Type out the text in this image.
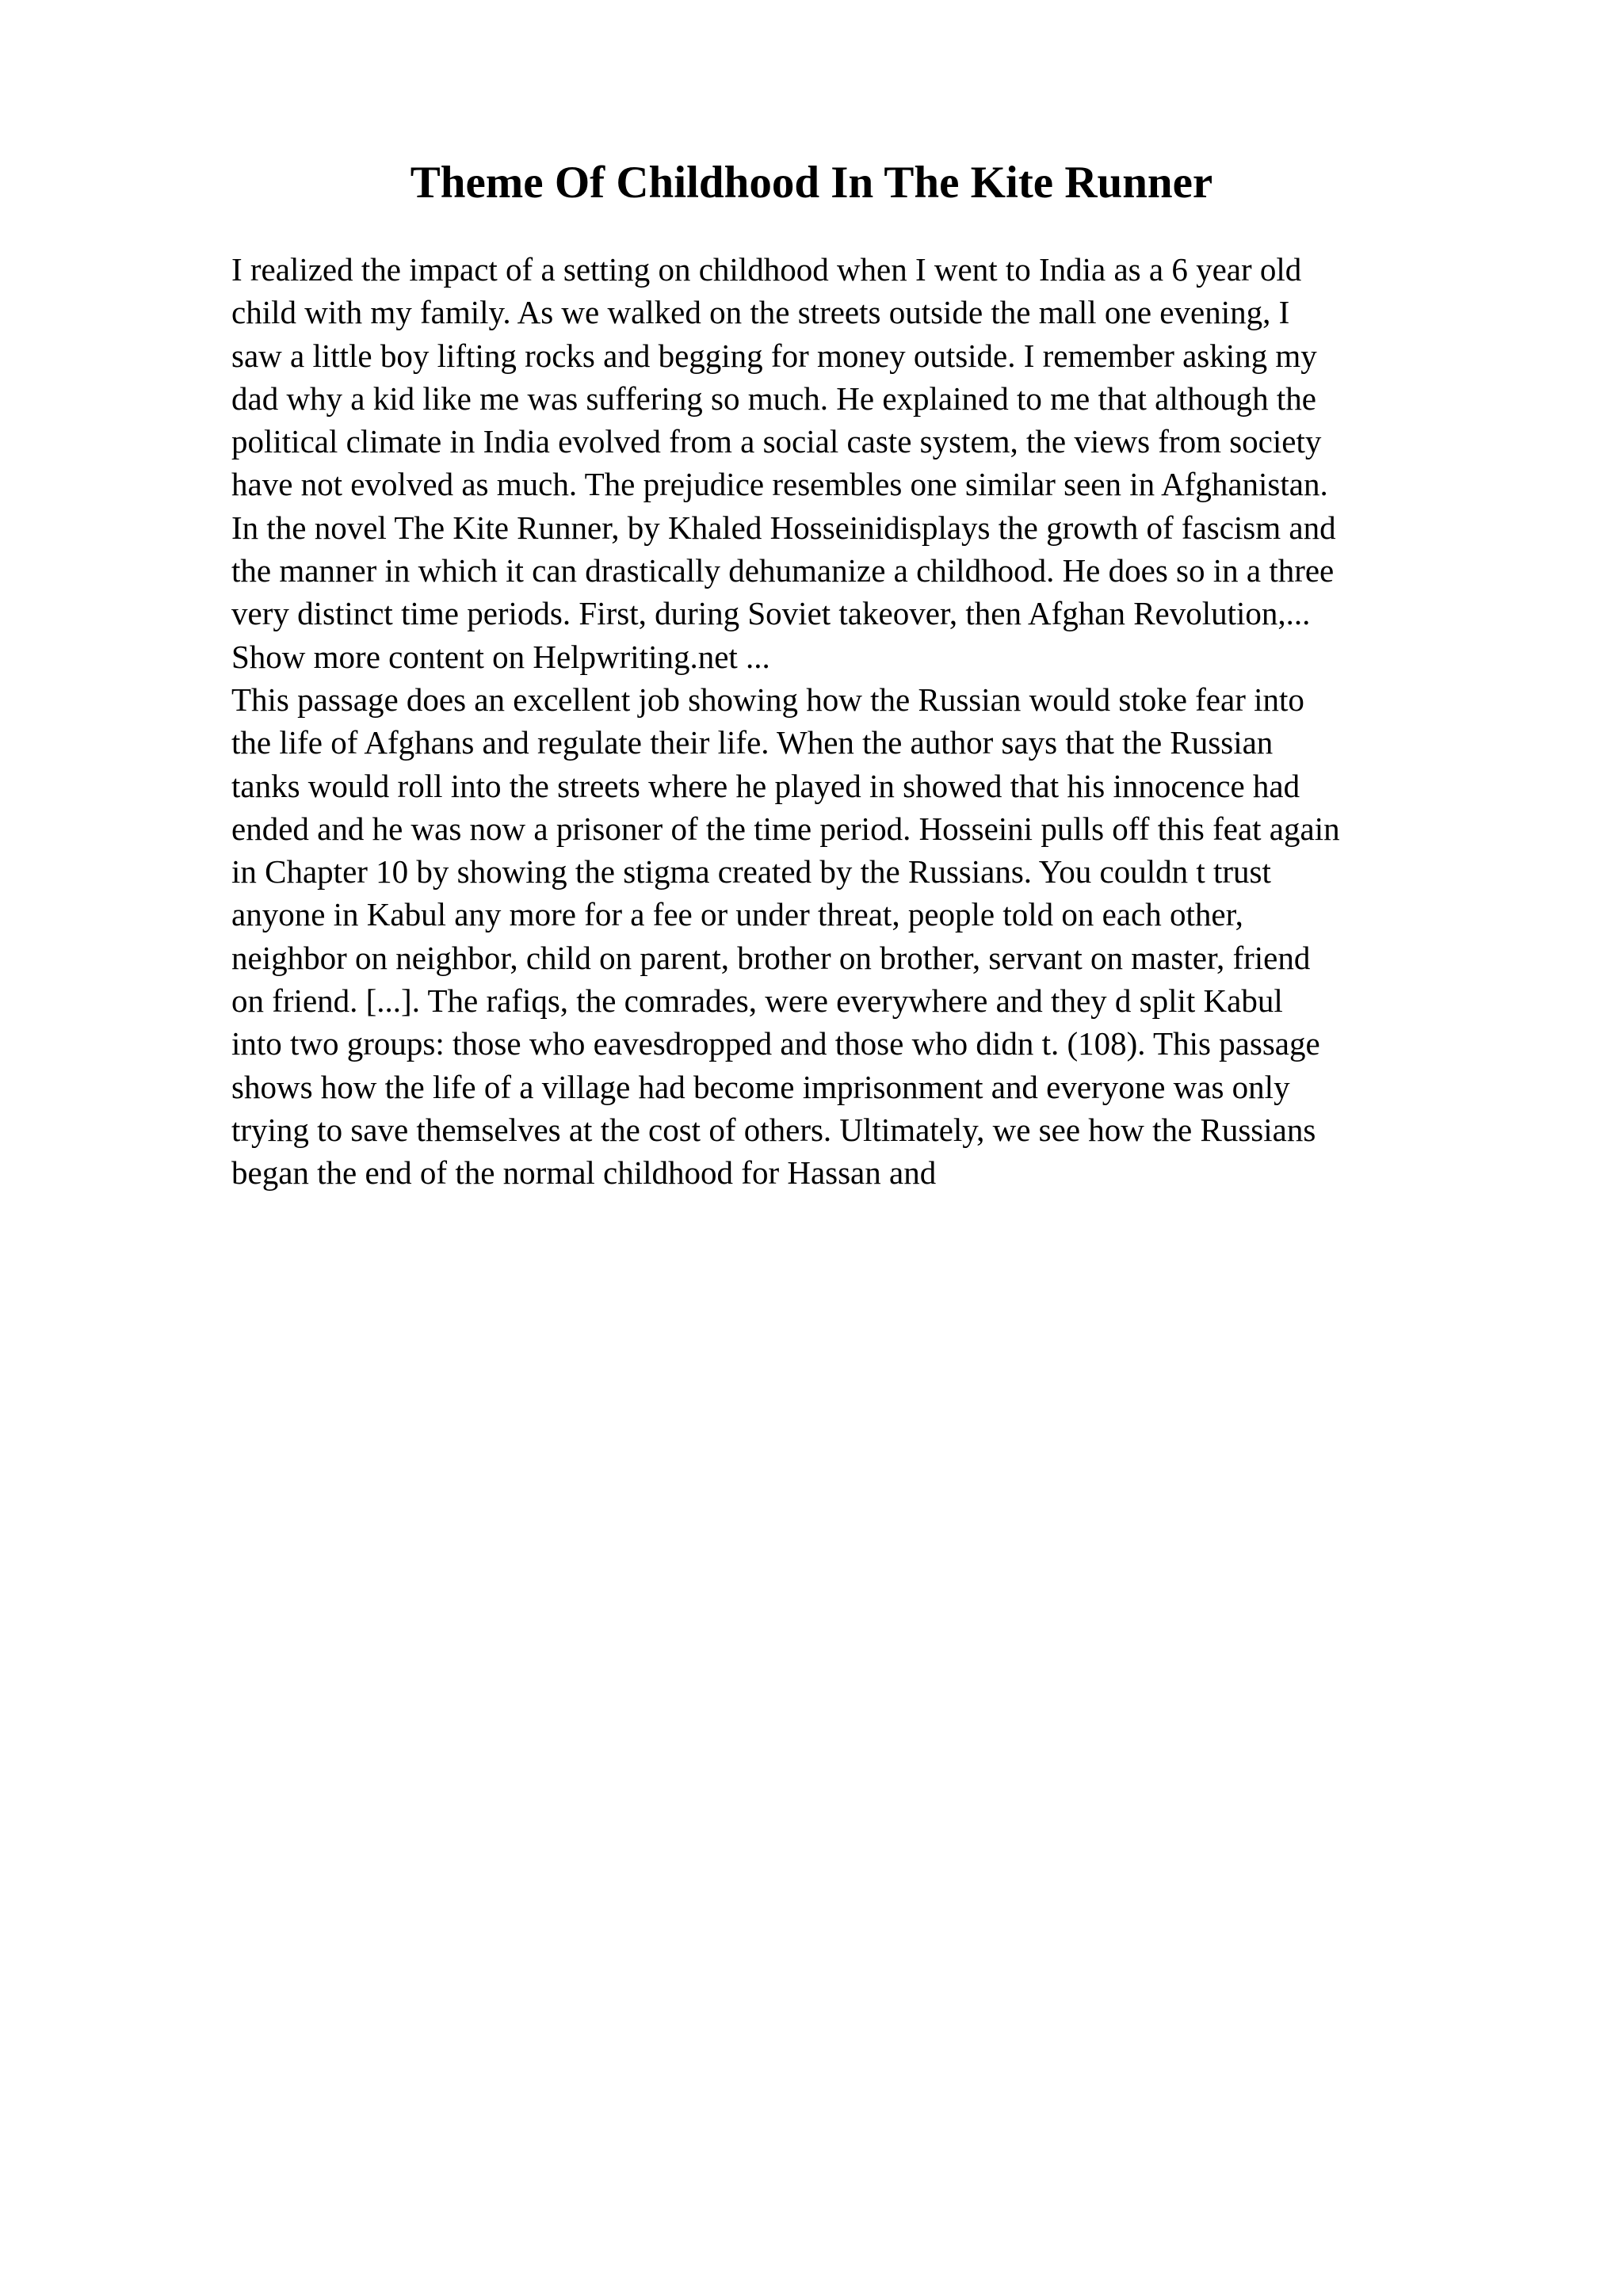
Theme Of Childhood In The Kite Runner
I realized the impact of a setting on childhood when I went to India as a 6 year old
child with my family. As we walked on the streets outside the mall one evening, I
saw a little boy lifting rocks and begging for money outside. I remember asking my
dad why a kid like me was suffering so much. He explained to me that although the
political climate in India evolved from a social caste system, the views from society
have not evolved as much. The prejudice resembles one similar seen in Afghanistan.
In the novel The Kite Runner, by Khaled Hosseinidisplays the growth of fascism and
the manner in which it can drastically dehumanize a childhood. He does so in a three
very distinct time periods. First, during Soviet takeover, then Afghan Revolution,...
Show more content on Helpwriting.net ...
This passage does an excellent job showing how the Russian would stoke fear into
the life of Afghans and regulate their life. When the author says that the Russian
tanks would roll into the streets where he played in showed that his innocence had
ended and he was now a prisoner of the time period. Hosseini pulls off this feat again
in Chapter 10 by showing the stigma created by the Russians. You couldn t trust
anyone in Kabul any more for a fee or under threat, people told on each other,
neighbor on neighbor, child on parent, brother on brother, servant on master, friend
on friend. [...]. The rafiqs, the comrades, were everywhere and they d split Kabul
into two groups: those who eavesdropped and those who didn t. (108). This passage
shows how the life of a village had become imprisonment and everyone was only
trying to save themselves at the cost of others. Ultimately, we see how the Russians
began the end of the normal childhood for Hassan and
